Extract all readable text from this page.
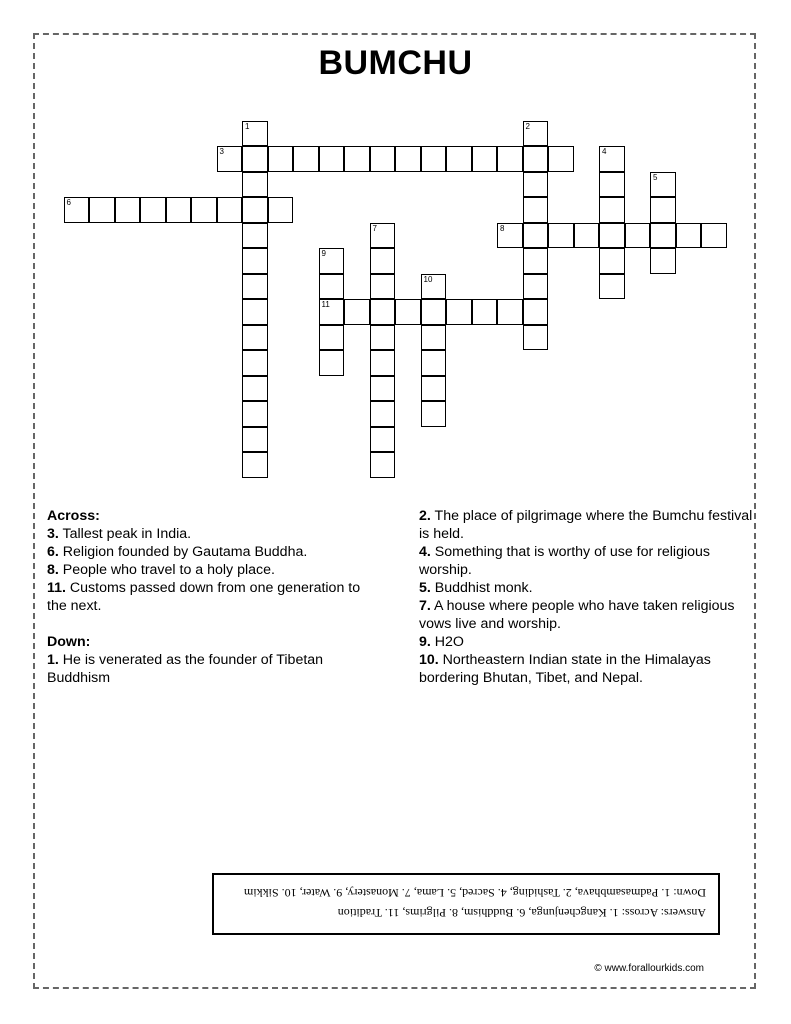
BUMCHU
3
6
8
11
1	2
4
5
7
9
10
Across:
3. Tallest peak in India.
6. Religion founded by Gautama Buddha.
8. People who travel to a holy place.
11. Customs passed down from one generation to the next.
Down:
1. He is venerated as the founder of Tibetan Buddhism
2. The place of pilgrimage where the Bumchu festival is held.
4. Something that is worthy of use for religious worship.
5. Buddhist monk.
7. A house where people who have taken religious vows live and worship.
9. H2O
10. Northeastern Indian state in the Himalayas bordering Bhutan, Tibet, and Nepal.
Answers: Across: 1. Kangchenjunga, 6. Buddhism, 8. Pilgrims, 11. Tradition
Down: 1. Padmasambhava, 2. Tashiding, 4. Sacred, 5. Lama, 7. Monastery, 9. Water, 10. Sikkim
© www.forallourkids.com
